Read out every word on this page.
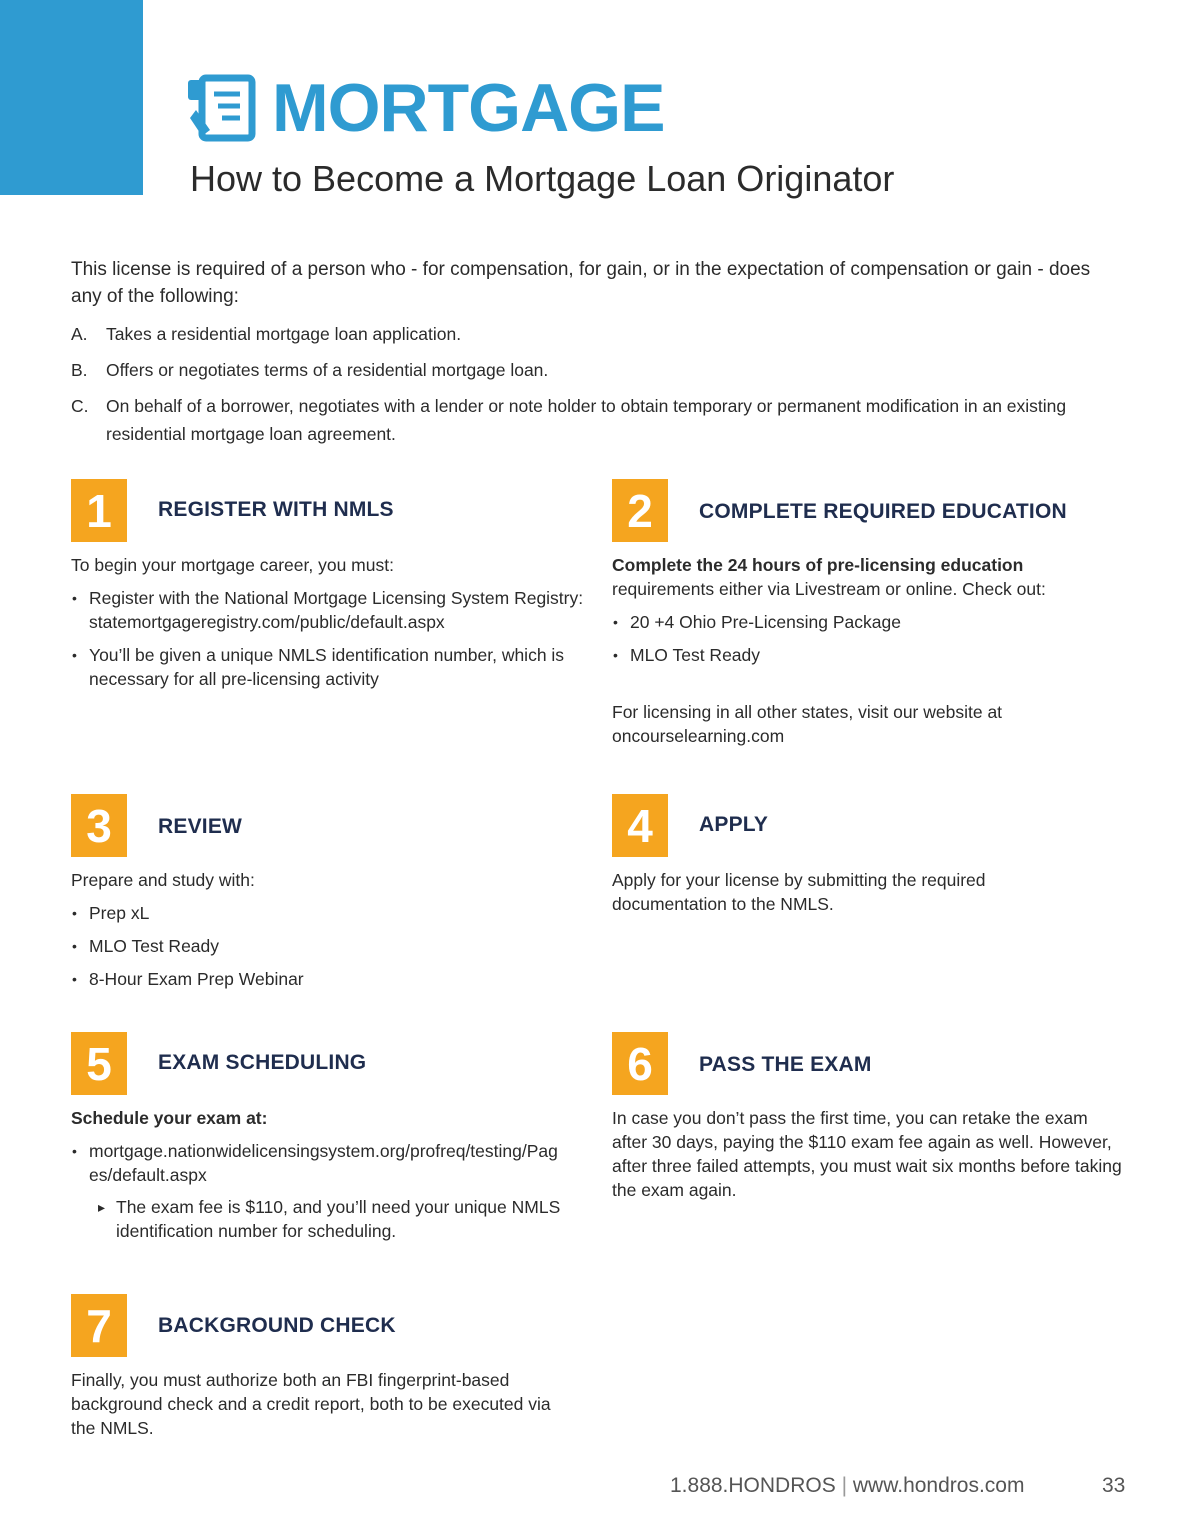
MORTGAGE
How to Become a Mortgage Loan Originator
This license is required of a person who - for compensation, for gain, or in the expectation of compensation or gain - does any of the following:
A. Takes a residential mortgage loan application.
B. Offers or negotiates terms of a residential mortgage loan.
C. On behalf of a borrower, negotiates with a lender or note holder to obtain temporary or permanent modification in an existing residential mortgage loan agreement.
1	REGISTER WITH NMLS

To begin your mortgage career, you must:

• Register with the National Mortgage Licensing System Registry: statemortgageregistry.com/public/default.aspx
• You’ll be given a unique NMLS identification number, which is necessary for all pre-licensing activity
2	COMPLETE REQUIRED EDUCATION

Complete the 24 hours of pre-licensing education
requirements either via Livestream or online. Check out:

• 20 +4 Ohio Pre-Licensing Package
• MLO Test Ready

For licensing in all other states, visit our website at oncourselearning.com

3	REVIEW

Prepare and study with:

• Prep xL
• MLO Test Ready
• 8-Hour Exam Prep Webinar
4	APPLY

Apply for your license by submitting the required documentation to the NMLS.

5	EXAM SCHEDULING

Schedule your exam at:

• mortgage.nationwidelicensingsystem.org/profreq/testing/Pages/default.aspx
▸ The exam fee is $110, and you’ll need your unique NMLS identification number for scheduling.
6	PASS THE EXAM

In case you don’t pass the first time, you can retake the exam after 30 days, paying the $110 exam fee again as well. However, after three failed attempts, you must wait six months before taking the exam again.

7	BACKGROUND CHECK

Finally, you must authorize both an FBI fingerprint-based background check and a credit report, both to be executed via the NMLS.

1.888.HONDROS | www.hondros.com	33
